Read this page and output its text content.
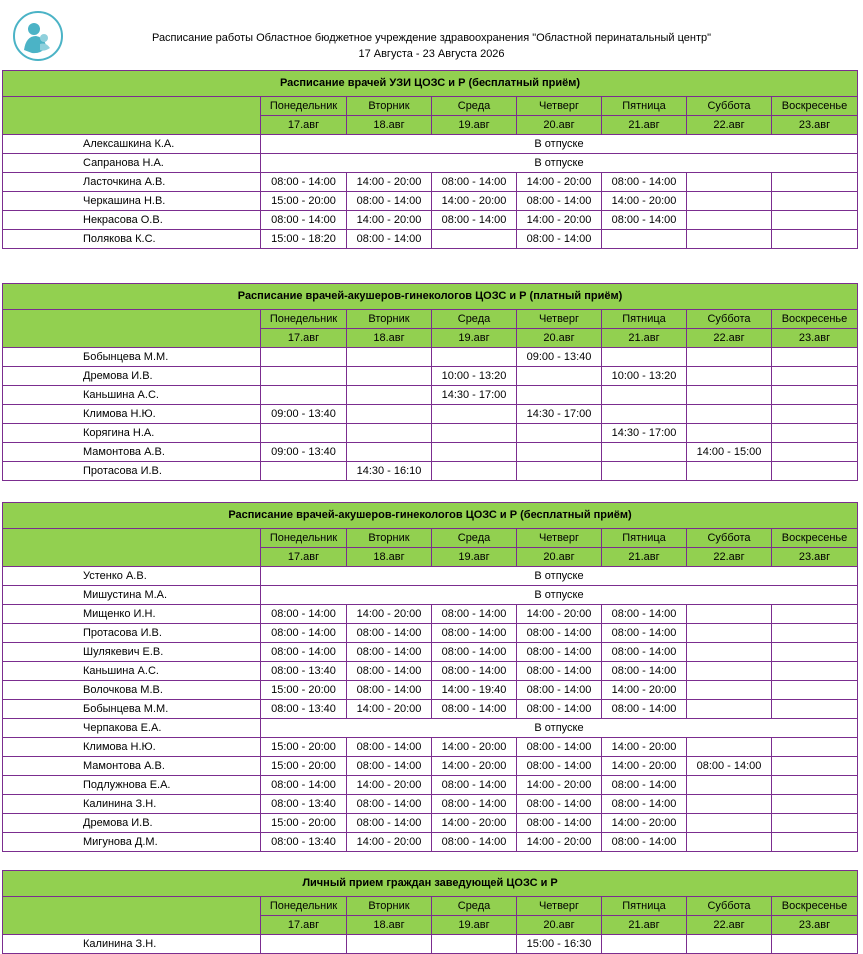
Расписание работы Областное бюджетное учреждение здравоохранения "Областной перинатальный центр"
17 Августа - 23 Августа 2026
Расписание врачей УЗИ ЦОЗС и Р (бесплатный приём)							
	Понедельник	Вторник	Среда	Четверг	Пятница	Суббота	Воскресенье
	17.авг	18.авг	19.авг	20.авг	21.авг	22.авг	23.авг
Алексашкина К.А.	В отпуске						
Сапранова Н.А.	В отпуске						
Ласточкина А.В.	08:00 - 14:00	14:00 - 20:00	08:00 - 14:00	14:00 - 20:00	08:00 - 14:00		
Черкашина Н.В.	15:00 - 20:00	08:00 - 14:00	14:00 - 20:00	08:00 - 14:00	14:00 - 20:00		
Некрасова О.В.	08:00 - 14:00	14:00 - 20:00	08:00 - 14:00	14:00 - 20:00	08:00 - 14:00		
Полякова К.С.	15:00 - 18:20	08:00 - 14:00		08:00 - 14:00			
Расписание врачей-акушеров-гинекологов ЦОЗС и Р (платный приём)							
	Понедельник	Вторник	Среда	Четверг	Пятница	Суббота	Воскресенье
	17.авг	18.авг	19.авг	20.авг	21.авг	22.авг	23.авг
Бобынцева М.М.				09:00 - 13:40			
Дремова И.В.			10:00 - 13:20		10:00 - 13:20		
Каньшина А.С.			14:30 - 17:00				
Климова Н.Ю.	09:00 - 13:40			14:30 - 17:00			
Корягина Н.А.					14:30 - 17:00		
Мамонтова А.В.	09:00 - 13:40					14:00 - 15:00	
Протасова И.В.		14:30 - 16:10					
Расписание врачей-акушеров-гинекологов ЦОЗС и Р (бесплатный приём)							
	Понедельник	Вторник	Среда	Четверг	Пятница	Суббота	Воскресенье
	17.авг	18.авг	19.авг	20.авг	21.авг	22.авг	23.авг
Устенко А.В.	В отпуске						
Мишустина М.А.	В отпуске						
Мищенко И.Н.	08:00 - 14:00	14:00 - 20:00	08:00 - 14:00	14:00 - 20:00	08:00 - 14:00		
Протасова И.В.	08:00 - 14:00	08:00 - 14:00	08:00 - 14:00	08:00 - 14:00	08:00 - 14:00		
Шулякевич Е.В.	08:00 - 14:00	08:00 - 14:00	08:00 - 14:00	08:00 - 14:00	08:00 - 14:00		
Каньшина А.С.	08:00 - 13:40	08:00 - 14:00	08:00 - 14:00	08:00 - 14:00	08:00 - 14:00		
Волочкова М.В.	15:00 - 20:00	08:00 - 14:00	14:00 - 19:40	08:00 - 14:00	14:00 - 20:00		
Бобынцева М.М.	08:00 - 13:40	14:00 - 20:00	08:00 - 14:00	08:00 - 14:00	08:00 - 14:00		
Черпакова Е.А.	В отпуске						
Климова Н.Ю.	15:00 - 20:00	08:00 - 14:00	14:00 - 20:00	08:00 - 14:00	14:00 - 20:00		
Мамонтова А.В.	15:00 - 20:00	08:00 - 14:00	14:00 - 20:00	08:00 - 14:00	14:00 - 20:00	08:00 - 14:00	
Подлужнова Е.А.	08:00 - 14:00	14:00 - 20:00	08:00 - 14:00	14:00 - 20:00	08:00 - 14:00		
Калинина З.Н.	08:00 - 13:40	08:00 - 14:00	08:00 - 14:00	08:00 - 14:00	08:00 - 14:00		
Дремова И.В.	15:00 - 20:00	08:00 - 14:00	14:00 - 20:00	08:00 - 14:00	14:00 - 20:00		
Мигунова Д.М.	08:00 - 13:40	14:00 - 20:00	08:00 - 14:00	14:00 - 20:00	08:00 - 14:00		
Личный прием граждан заведующей ЦОЗС и Р							
	Понедельник	Вторник	Среда	Четверг	Пятница	Суббота	Воскресенье
	17.авг	18.авг	19.авг	20.авг	21.авг	22.авг	23.авг
Калинина З.Н.				15:00 - 16:30			
